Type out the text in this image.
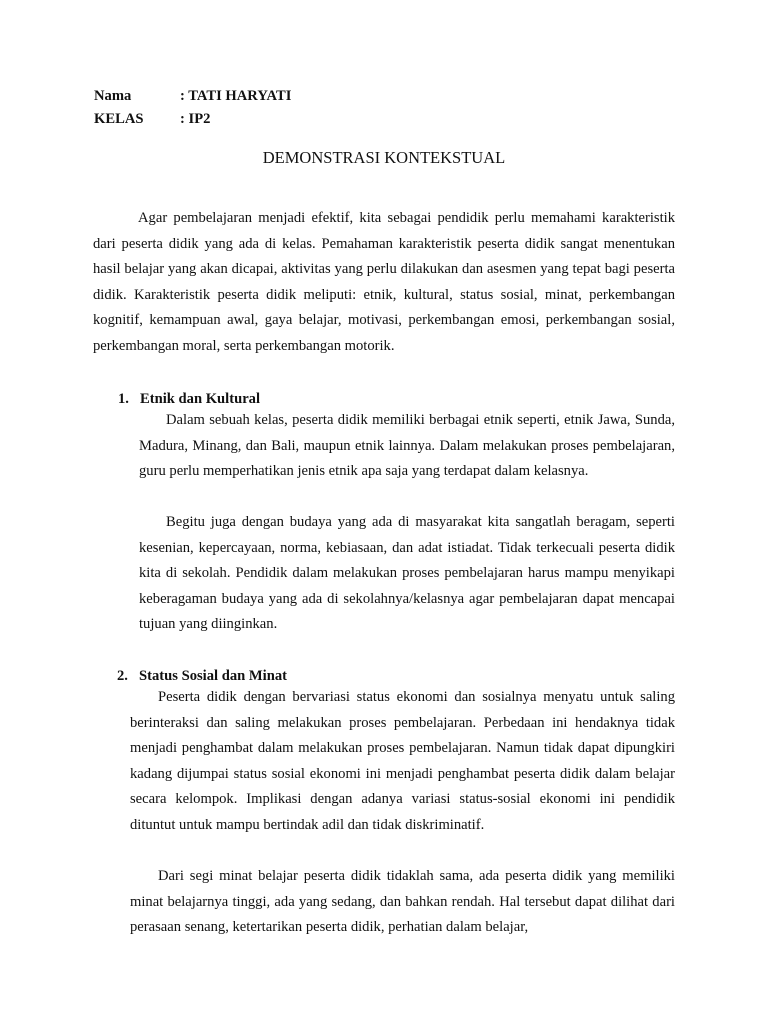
Nama	: TATI HARYATI
KELAS	: IP2
DEMONSTRASI KONTEKSTUAL

Agar pembelajaran menjadi efektif, kita sebagai pendidik perlu memahami karakteristik dari peserta didik yang ada di kelas. Pemahaman karakteristik peserta didik sangat menentukan hasil belajar yang akan dicapai, aktivitas yang perlu dilakukan dan asesmen yang tepat bagi peserta didik. Karakteristik peserta didik meliputi: etnik, kultural, status sosial, minat, perkembangan kognitif, kemampuan awal, gaya belajar, motivasi, perkembangan emosi, perkembangan sosial, perkembangan moral, serta perkembangan motorik.

1. Etnik dan Kultural

Dalam sebuah kelas, peserta didik memiliki berbagai etnik seperti, etnik Jawa, Sunda, Madura, Minang, dan Bali, maupun etnik lainnya. Dalam melakukan proses pembelajaran, guru perlu memperhatikan jenis etnik apa saja yang terdapat dalam kelasnya.

Begitu juga dengan budaya yang ada di masyarakat kita sangatlah beragam, seperti kesenian, kepercayaan, norma, kebiasaan, dan adat istiadat. Tidak terkecuali peserta didik kita di sekolah. Pendidik dalam melakukan proses pembelajaran harus mampu menyikapi keberagaman budaya yang ada di sekolahnya/kelasnya agar pembelajaran dapat mencapai tujuan yang diinginkan.

2. Status Sosial dan Minat

Peserta didik dengan bervariasi status ekonomi dan sosialnya menyatu untuk saling berinteraksi dan saling melakukan proses pembelajaran. Perbedaan ini hendaknya tidak menjadi penghambat dalam melakukan proses pembelajaran. Namun tidak dapat dipungkiri kadang dijumpai status sosial ekonomi ini menjadi penghambat peserta didik dalam belajar secara kelompok. Implikasi dengan adanya variasi status-sosial ekonomi ini pendidik dituntut untuk mampu bertindak adil dan tidak diskriminatif.

Dari segi minat belajar peserta didik tidaklah sama, ada peserta didik yang memiliki minat belajarnya tinggi, ada yang sedang, dan bahkan rendah. Hal tersebut dapat dilihat dari perasaan senang, ketertarikan peserta didik, perhatian dalam belajar,
